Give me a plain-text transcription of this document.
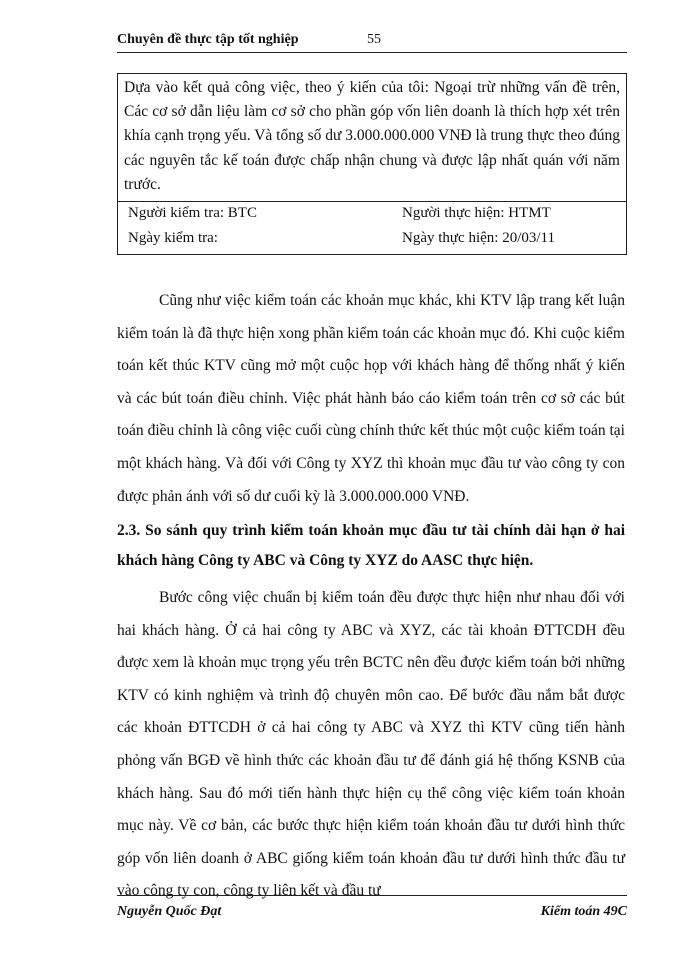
Chuyên đề thực tập tốt nghiệp	55
Dựa vào kết quả công việc, theo ý kiến của tôi: Ngoại trừ những vấn đề trên, Các cơ sở dẫn liệu làm cơ sở cho phần góp vốn liên doanh là thích hợp xét trên khía cạnh trọng yếu. Và tổng số dư 3.000.000.000 VNĐ là trung thực theo đúng các nguyên tắc kế toán được chấp nhận chung và được lập nhất quán với năm trước.
Người kiểm tra: BTC	Người thực hiện: HTMT
Ngày kiểm tra:	Ngày thực hiện: 20/03/11

Cũng như việc kiểm toán các khoản mục khác, khi KTV lập trang kết luận kiểm toán là đã thực hiện xong phần kiểm toán các khoản mục đó. Khi cuộc kiểm toán kết thúc KTV cũng mở một cuộc họp với khách hàng để thống nhất ý kiến và các bút toán điều chỉnh. Việc phát hành báo cáo kiểm toán trên cơ sở các bút toán điều chỉnh là công việc cuối cùng chính thức kết thúc một cuộc kiểm toán tại một khách hàng. Và đối với Công ty XYZ thì khoản mục đầu tư vào công ty con được phản ánh với số dư cuối kỳ là 3.000.000.000 VNĐ.

2.3. So sánh quy trình kiểm toán khoản mục đầu tư tài chính dài hạn ở hai khách hàng Công ty ABC và Công ty XYZ do AASC thực hiện.

Bước công việc chuẩn bị kiểm toán đều được thực hiện như nhau đối với hai khách hàng. Ở cả hai công ty ABC và XYZ, các tài khoản ĐTTCDH đều được xem là khoản mục trọng yếu trên BCTC nên đều được kiểm toán bởi những KTV có kinh nghiệm và trình độ chuyên môn cao. Để bước đầu nắm bắt được các khoản ĐTTCDH ở cả hai công ty ABC và XYZ thì KTV cũng tiến hành phỏng vấn BGĐ về hình thức các khoản đầu tư để đánh giá hệ thống KSNB của khách hàng. Sau đó mới tiến hành thực hiện cụ thể công việc kiểm toán khoản mục này. Về cơ bản, các bước thực hiện kiểm toán khoản đầu tư dưới hình thức góp vốn liên doanh ở ABC giống kiểm toán khoản đầu tư dưới hình thức đầu tư vào công ty con, công ty liên kết và đầu tư

Nguyễn Quốc Đạt	Kiểm toán 49C
